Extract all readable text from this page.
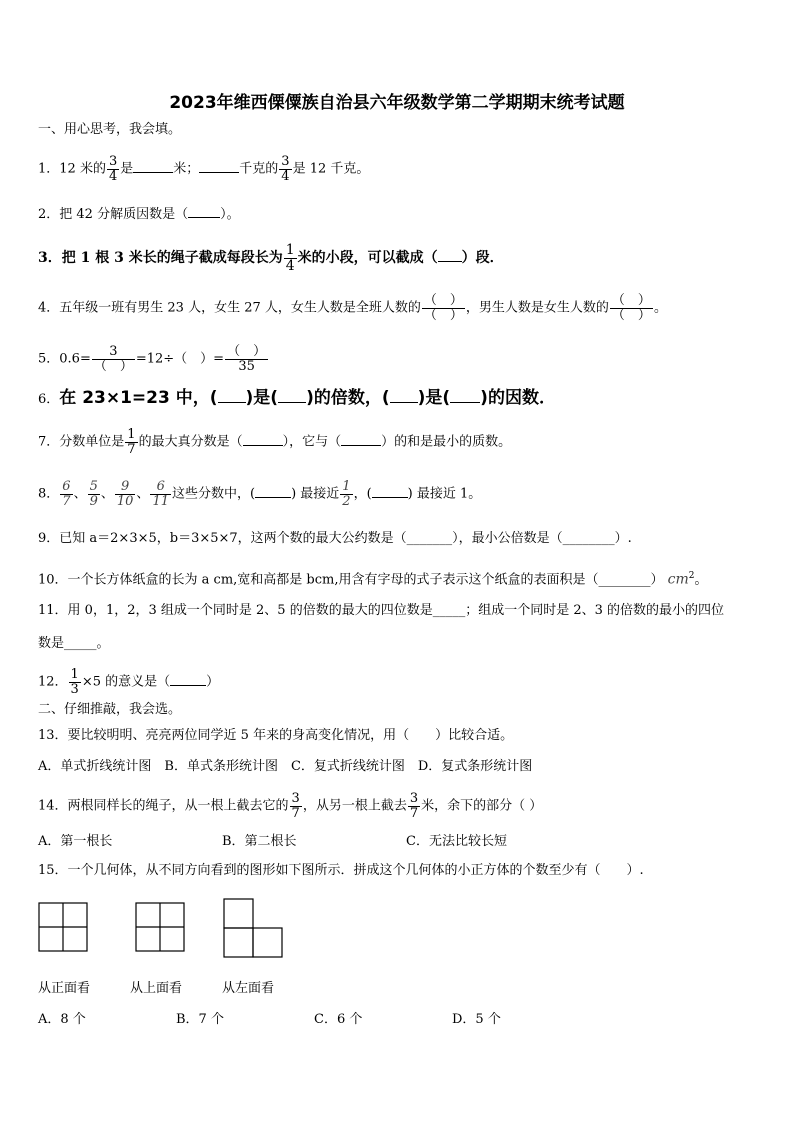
2023年维西傈僳族自治县六年级数学第二学期期末统考试题
一、用心思考，我会填。
1．12 米的 $\frac{3}{4}$ 是	米；	千克的 $\frac{3}{4}$ 是 12 千克。
2．把 42 分解质因数是（ ）。
3．把 1 根 3 米长的绳子截成每段长为 $\frac{1}{4}$ 米的小段，可以截成（ ）段．
4．五年级一班有男生 23 人，女生 27 人，女生人数是全班人数的 $\frac{( )}{( )}$ ，男生人数是女生人数的 $\frac{( )}{( )}$ 。
5．$0.6= \frac{3}{( )} =12\div$（　）= $\frac{( )}{35}$
6．在 23×1=23 中，( )是( )的倍数，( )是( )的因数．
7．分数单位是 $\frac{1}{7}$ 的最大真分数是（	），它与（	）的和是最小的质数。
8． $\frac{6}{7}$ 、 $\frac{5}{9}$ 、 $\frac{9}{10}$ 、 $\frac{6}{11}$ 这些分数中，(	) 最接近 $\frac{1}{2}$ ，(	) 最接近 1。
9．已知 a＝2×3×5，b＝3×5×7，这两个数的最大公约数是（_______），最小公倍数是（________）.
10．一个长方体纸盒的长为 a cm,宽和高都是 bcm,用含有字母的式子表示这个纸盒的表面积是（________） $cm^2$。
11．用 0，1，2，3 组成一个同时是 2、5 的倍数的最大的四位数是_____；组成一个同时是 2、3 的倍数的最小的四位
数是_____。
12． $\frac{1}{3} \times 5$ 的意义是（	）
二、仔细推敲，我会选。
13．要比较明明、亮亮两位同学近 5 年来的身高变化情况，用（　　）比较合适。
A．单式折线统计图　B．单式条形统计图　C．复式折线统计图　D．复式条形统计图
14．两根同样长的绳子，从一根上截去它的 $\frac{3}{7}$ ，从另一根上截去 $\frac{3}{7}$ 米，余下的部分（ ）
A．第一根长	B．第二根长	C．无法比较长短
15．一个几何体，从不同方向看到的图形如下图所示．拼成这个几何体的小正方体的个数至少有（　　）.
从正面看	从上面看	从左面看
A．8 个	B．7 个	C．6 个	D．5 个
